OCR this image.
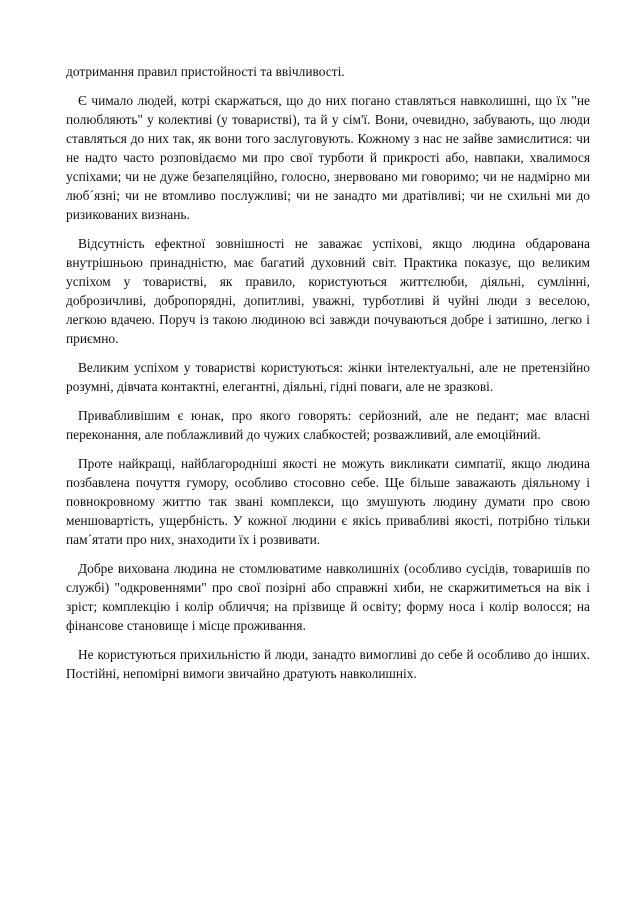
дотримання правил пристойності та ввічливості.

Є чимало людей, котрі скаржаться, що до них погано ставляться навколишні, що їх "не полюбляють" у колективі (у товаристві), та й у сім'ї. Вони, очевидно, забувають, що люди ставляться до них так, як вони того заслуговують. Кожному з нас не зайве замислитися: чи не надто часто розповідаємо ми про свої турботи й прикрості або, навпаки, хвалимося успіхами; чи не дуже безапеляційно, голосно, знервовано ми говоримо; чи не надмірно ми люб´язні; чи не втомливо послужливі; чи не занадто ми дратівливі; чи не схильні ми до ризикованих визнань.

Відсутність ефектної зовнішності не заважає успіхові, якщо людина обдарована внутрішньою принадністю, має багатий духовний світ. Практика показує, що великим успіхом у товаристві, як правило, користуються життєлюби, діяльні, сумлінні, доброзичливі, добропорядні, допитливі, уважні, турботливі й чуйні люди з веселою, легкою вдачею. Поруч із такою людиною всі завжди почуваються добре і затишно, легко і приємно.

Великим успіхом у товаристві користуються: жінки інтелектуальні, але не претензійно розумні, дівчата контактні, елегантні, діяльні, гідні поваги, але не зразкові.

Привабливішим є юнак, про якого говорять: серйозний, але не педант; має власні переконання, але поблажливий до чужих слабкостей; розважливий, але емоційний.

Проте найкращі, найблагородніші якості не можуть викликати симпатії, якщо людина позбавлена почуття гумору, особливо стосовно себе. Ще більше заважають діяльному і повнокровному життю так звані комплекси, що змушують людину думати про свою меншовартість, ущербність. У кожної людини є якісь привабливі якості, потрібно тільки пам´ятати про них, знаходити їх і розвивати.

Добре вихована людина не стомлюватиме навколишніх (особливо сусідів, товаришів по службі) "одкровеннями" про свої позірні або справжні хиби, не скаржитиметься на вік і зріст; комплекцію і колір обличчя; на прізвище й освіту; форму носа і колір волосся; на фінансове становище і місце проживання.

Не користуються прихильністю й люди, занадто вимогливі до себе й особливо до інших. Постійні, непомірні вимоги звичайно дратують навколишніх.
